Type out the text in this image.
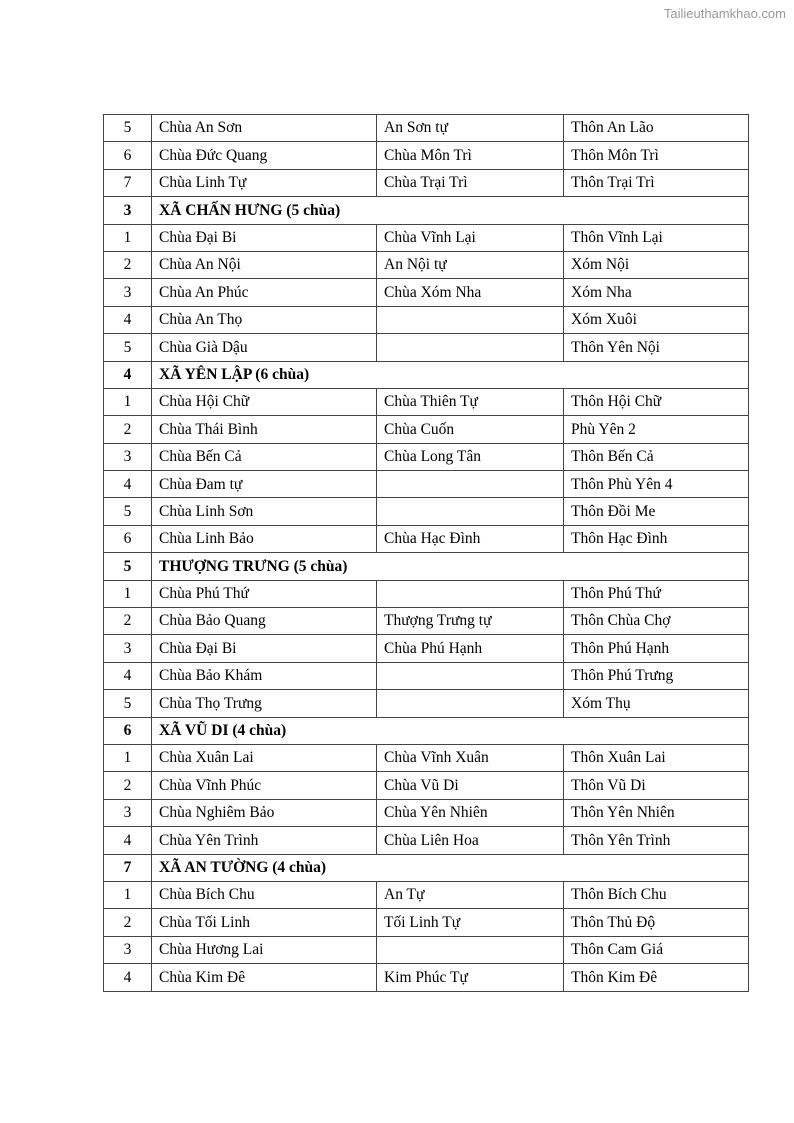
Tailieuthamkhao.com
5	Chùa An Sơn	An Sơn tự	Thôn An Lão
6	Chùa Đức Quang	Chùa Môn Trì	Thôn Môn Trì
7	Chùa Linh Tự	Chùa Trại Trì	Thôn Trại Trì
3	XÃ CHẤN HƯNG (5 chùa)		
1	Chùa Đại Bi	Chùa Vĩnh Lại	Thôn Vĩnh Lại
2	Chùa An Nội	An Nội tự	Xóm Nội
3	Chùa An Phúc	Chùa Xóm Nha	Xóm Nha
4	Chùa An Thọ		Xóm Xuôi
5	Chùa Già Dậu		Thôn Yên Nội
4	XÃ YÊN LẬP (6 chùa)		
1	Chùa Hội Chữ	Chùa Thiên Tự	Thôn Hội Chữ
2	Chùa Thái Bình	Chùa Cuốn	Phù Yên 2
3	Chùa Bến Cả	Chùa Long Tân	Thôn Bến Cả
4	Chùa Đam tự		Thôn Phù Yên 4
5	Chùa Linh Sơn		Thôn Đồi Me
6	Chùa Linh Bảo	Chùa Hạc Đình	Thôn Hạc Đình
5	THƯỢNG TRƯNG (5 chùa)		
1	Chùa Phú Thứ		Thôn Phú Thứ
2	Chùa Bảo Quang	Thượng Trưng tự	Thôn Chùa Chợ
3	Chùa Đại Bi	Chùa Phú Hạnh	Thôn Phú Hạnh
4	Chùa Bảo Khám		Thôn Phú Trưng
5	Chùa Thọ Trưng		Xóm Thụ
6	XÃ VŨ DI (4 chùa)		
1	Chùa Xuân Lai	Chùa Vĩnh Xuân	Thôn Xuân Lai
2	Chùa Vĩnh Phúc	Chùa Vũ Di	Thôn Vũ Di
3	Chùa Nghiêm Bảo	Chùa Yên Nhiên	Thôn Yên Nhiên
4	Chùa Yên Trình	Chùa Liên Hoa	Thôn Yên Trình
7	XÃ AN TƯỜNG (4 chùa)		
1	Chùa Bích Chu	An Tự	Thôn Bích Chu
2	Chùa Tối Linh	Tối Linh Tự	Thôn Thủ Độ
3	Chùa Hương Lai		Thôn Cam Giá
4	Chùa Kim Đê	Kim Phúc Tự	Thôn Kim Đê
